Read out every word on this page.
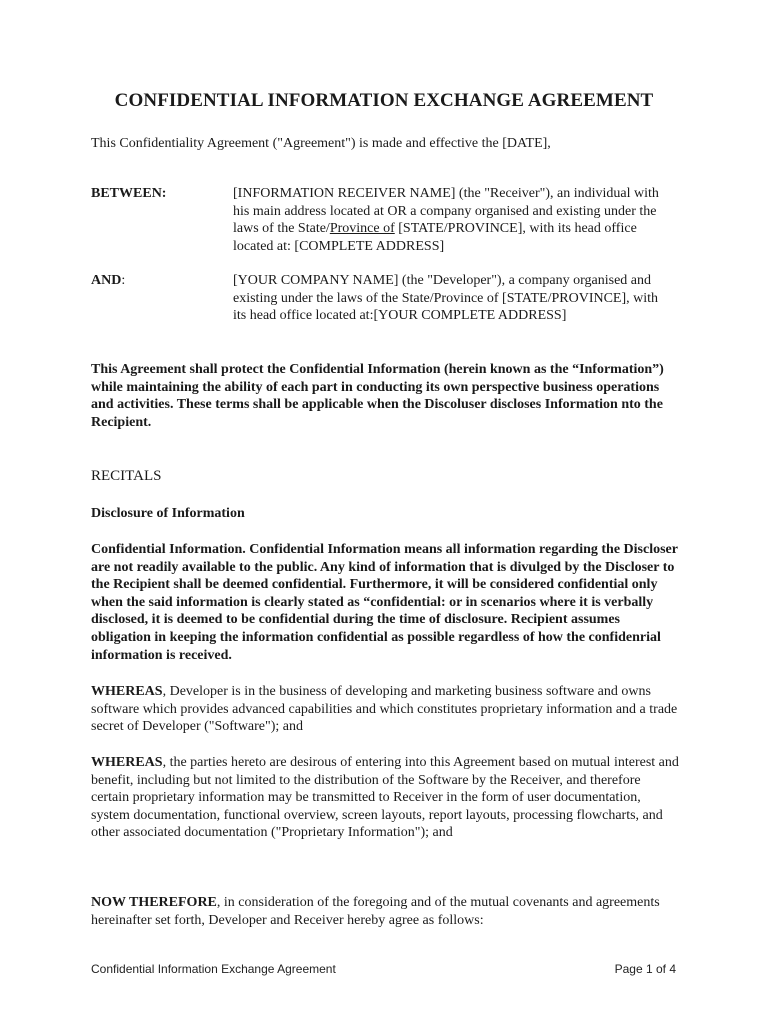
CONFIDENTIAL INFORMATION EXCHANGE AGREEMENT
This Confidentiality Agreement ("Agreement") is made and effective the [DATE],
BETWEEN:	[INFORMATION RECEIVER NAME] (the "Receiver"), an individual with his main address located at OR a company organised and existing under the laws of the State/Province of [STATE/PROVINCE], with its head office located at: [COMPLETE ADDRESS]
AND:	[YOUR COMPANY NAME] (the "Developer"), a company organised and existing under the laws of the State/Province of [STATE/PROVINCE], with its head office located at:[YOUR COMPLETE ADDRESS]
This Agreement shall protect the Confidential Information (herein known as the “Information”) while maintaining the ability of each part in conducting its own perspective business operations and activities. These terms shall be applicable when the Discoluser discloses Information nto the Recipient.
RECITALS
Disclosure of Information
Confidential Information. Confidential Information means all information regarding the Discloser are not readily available to the public. Any kind of information that is divulged by the Discloser to the Recipient shall be deemed confidential. Furthermore, it will be considered confidential only when the said information is clearly stated as “confidential: or in scenarios where it is verbally disclosed, it is deemed to be confidential during the time of disclosure. Recipient assumes obligation in keeping the information confidential as possible regardless of how the confidenrial information is received.
WHEREAS, Developer is in the business of developing and marketing business software and owns software which provides advanced capabilities and which constitutes proprietary information and a trade secret of Developer ("Software"); and
WHEREAS, the parties hereto are desirous of entering into this Agreement based on mutual interest and benefit, including but not limited to the distribution of the Software by the Receiver, and therefore certain proprietary information may be transmitted to Receiver in the form of user documentation, system documentation, functional overview, screen layouts, report layouts, processing flowcharts, and other associated documentation ("Proprietary Information"); and
NOW THEREFORE, in consideration of the foregoing and of the mutual covenants and agreements hereinafter set forth, Developer and Receiver hereby agree as follows:
Confidential Information Exchange Agreement	Page 1 of 4
